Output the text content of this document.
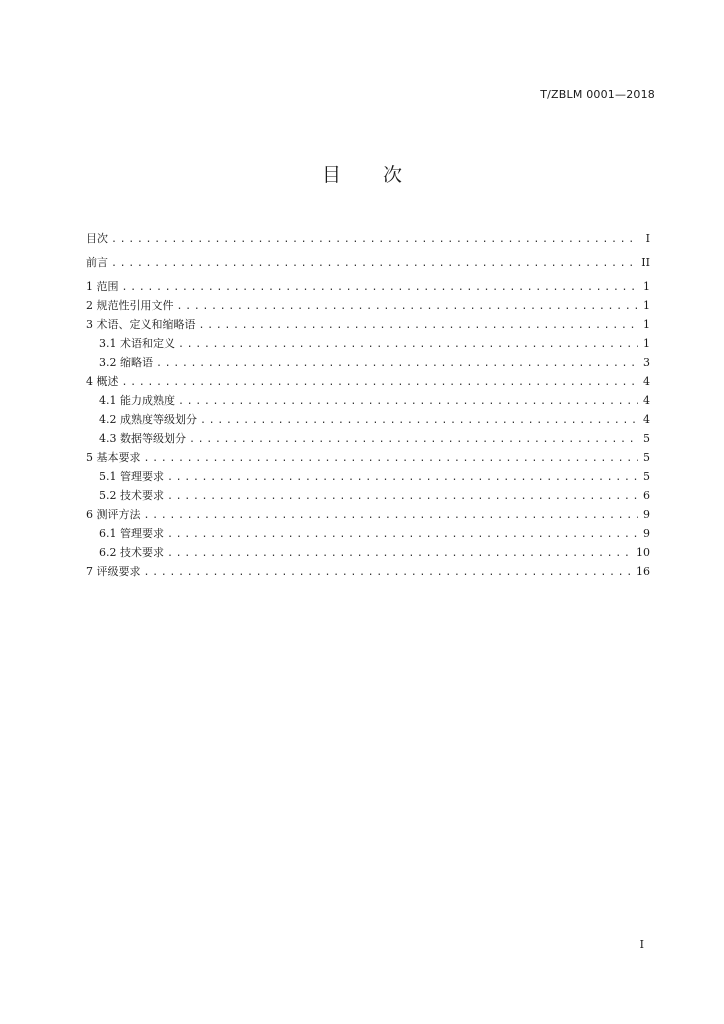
T/ZBLM 0001—2018
目 次
目次 .....	I
前言 .....	II
1 范围 .....	1
2 规范性引用文件 .....	1
3 术语、定义和缩略语 .....	1
3.1 术语和定义 .....	1
3.2 缩略语 .....	3
4 概述 .....	4
4.1 能力成熟度 .....	4
4.2 成熟度等级划分 .....	4
4.3 数据等级划分 .....	5
5 基本要求 .....	5
5.1 管理要求 .....	5
5.2 技术要求 .....	6
6 测评方法 .....	9
6.1 管理要求 .....	9
6.2 技术要求 .....	10
7 评级要求 .....	16
I
